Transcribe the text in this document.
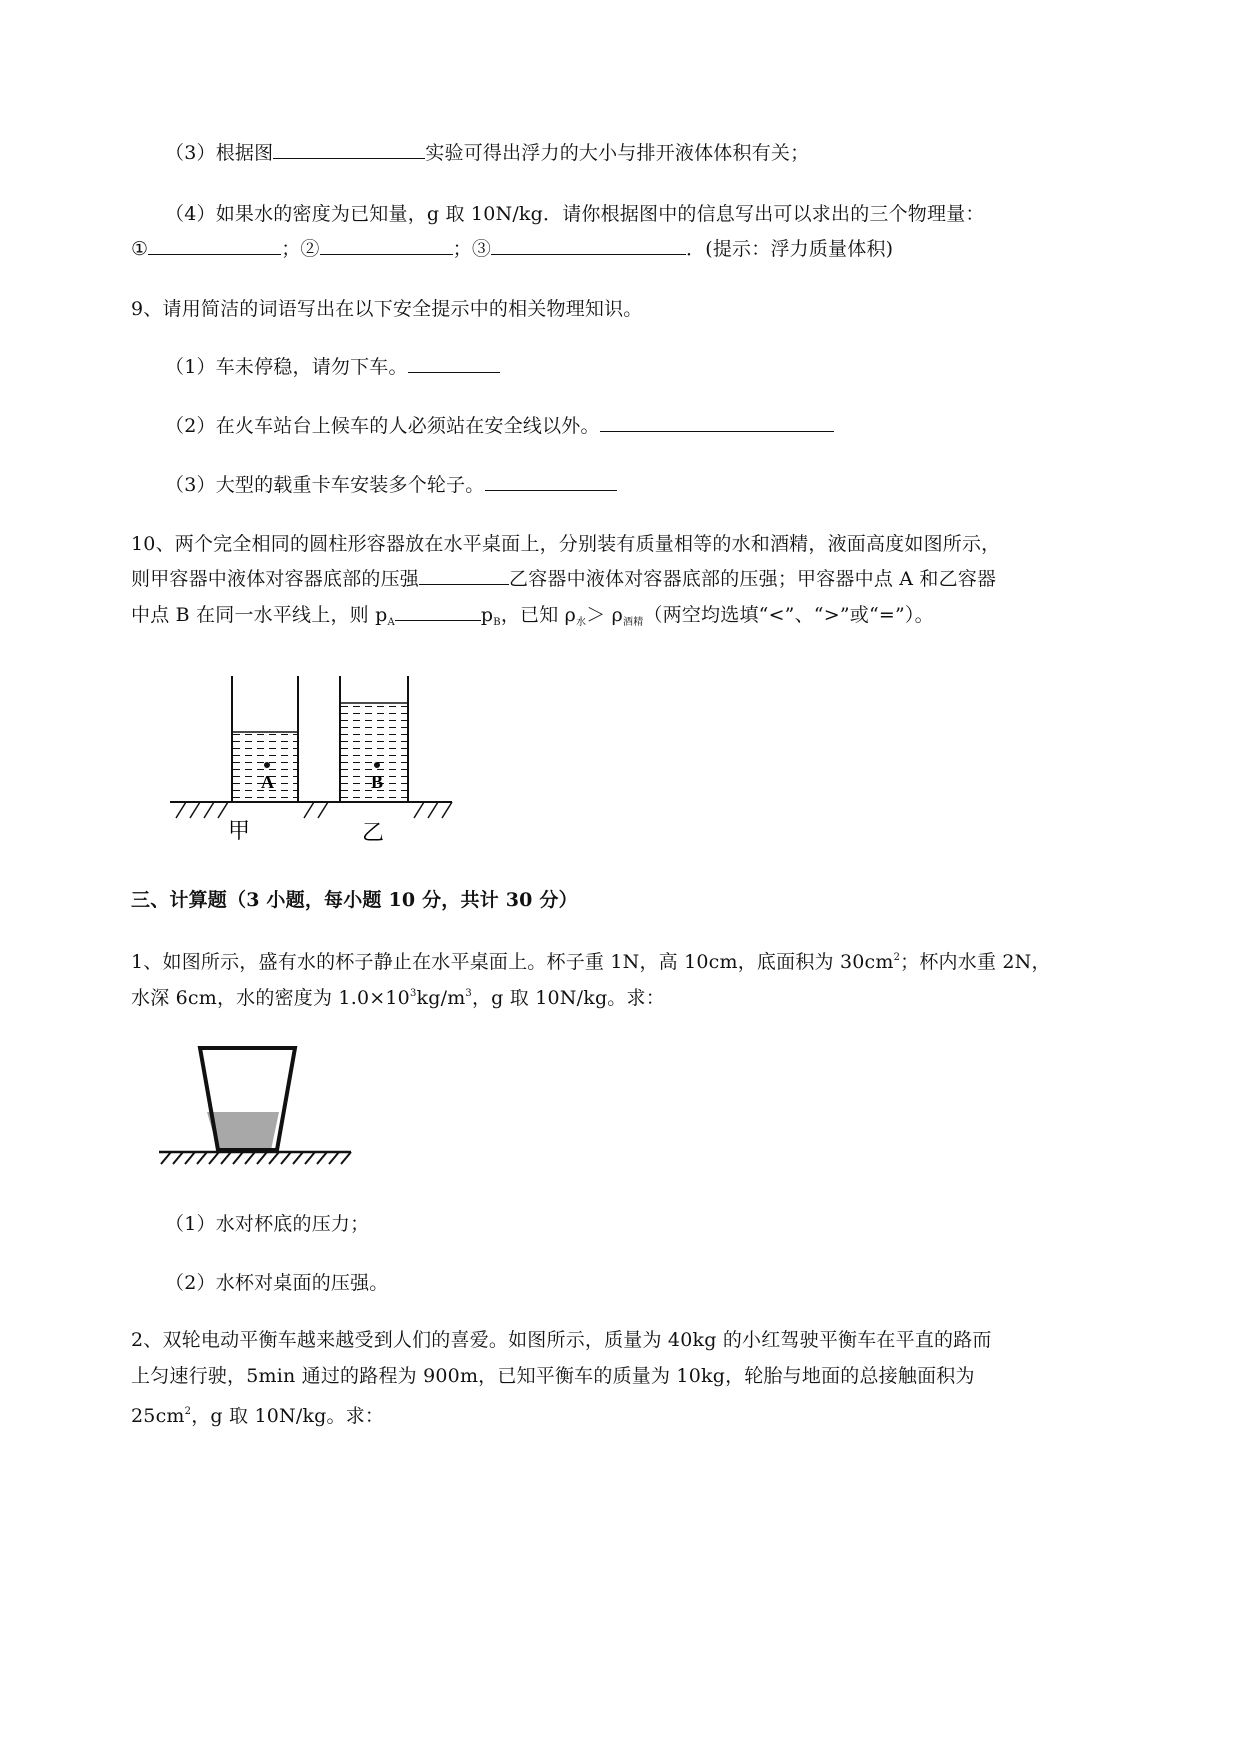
（3）根据图	实验可得出浮力的大小与排开液体体积有关；
（4）如果水的密度为已知量，g 取 10N/kg．请你根据图中的信息写出可以求出的三个物理量：
①	；②	；③	．(提示：浮力质量体积)
9、请用简洁的词语写出在以下安全提示中的相关物理知识。
（1）车未停稳，请勿下车。
（2）在火车站台上候车的人必须站在安全线以外。
（3）大型的载重卡车安装多个轮子。
10、两个完全相同的圆柱形容器放在水平桌面上，分别装有质量相等的水和酒精，液面高度如图所示，
则甲容器中液体对容器底部的压强	乙容器中液体对容器底部的压强；甲容器中点 A 和乙容器
中点 B 在同一水平线上，则 $p_A$	$p_B$，已知 $\rho_水> \rho_{酒精}$（两空均选填“<”、“>”或“=”）。
A	B
甲	乙
三、计算题（3 小题，每小题 10 分，共计 30 分）
1、如图所示，盛有水的杯子静止在水平桌面上。杯子重 1N，高 10cm，底面积为 $30cm^2$；杯内水重 2N，
水深 6cm，水的密度为 $1.0\times 10^3kg/m^3$，g 取 10N/kg。求：
（1）水对杯底的压力；
（2）水杯对桌面的压强。
2、双轮电动平衡车越来越受到人们的喜爱。如图所示，质量为 40kg 的小红驾驶平衡车在平直的路而
上匀速行驶，5min 通过的路程为 900m，已知平衡车的质量为 10kg，轮胎与地面的总接触面积为
$25cm^2$，g 取 10N/kg。求：
